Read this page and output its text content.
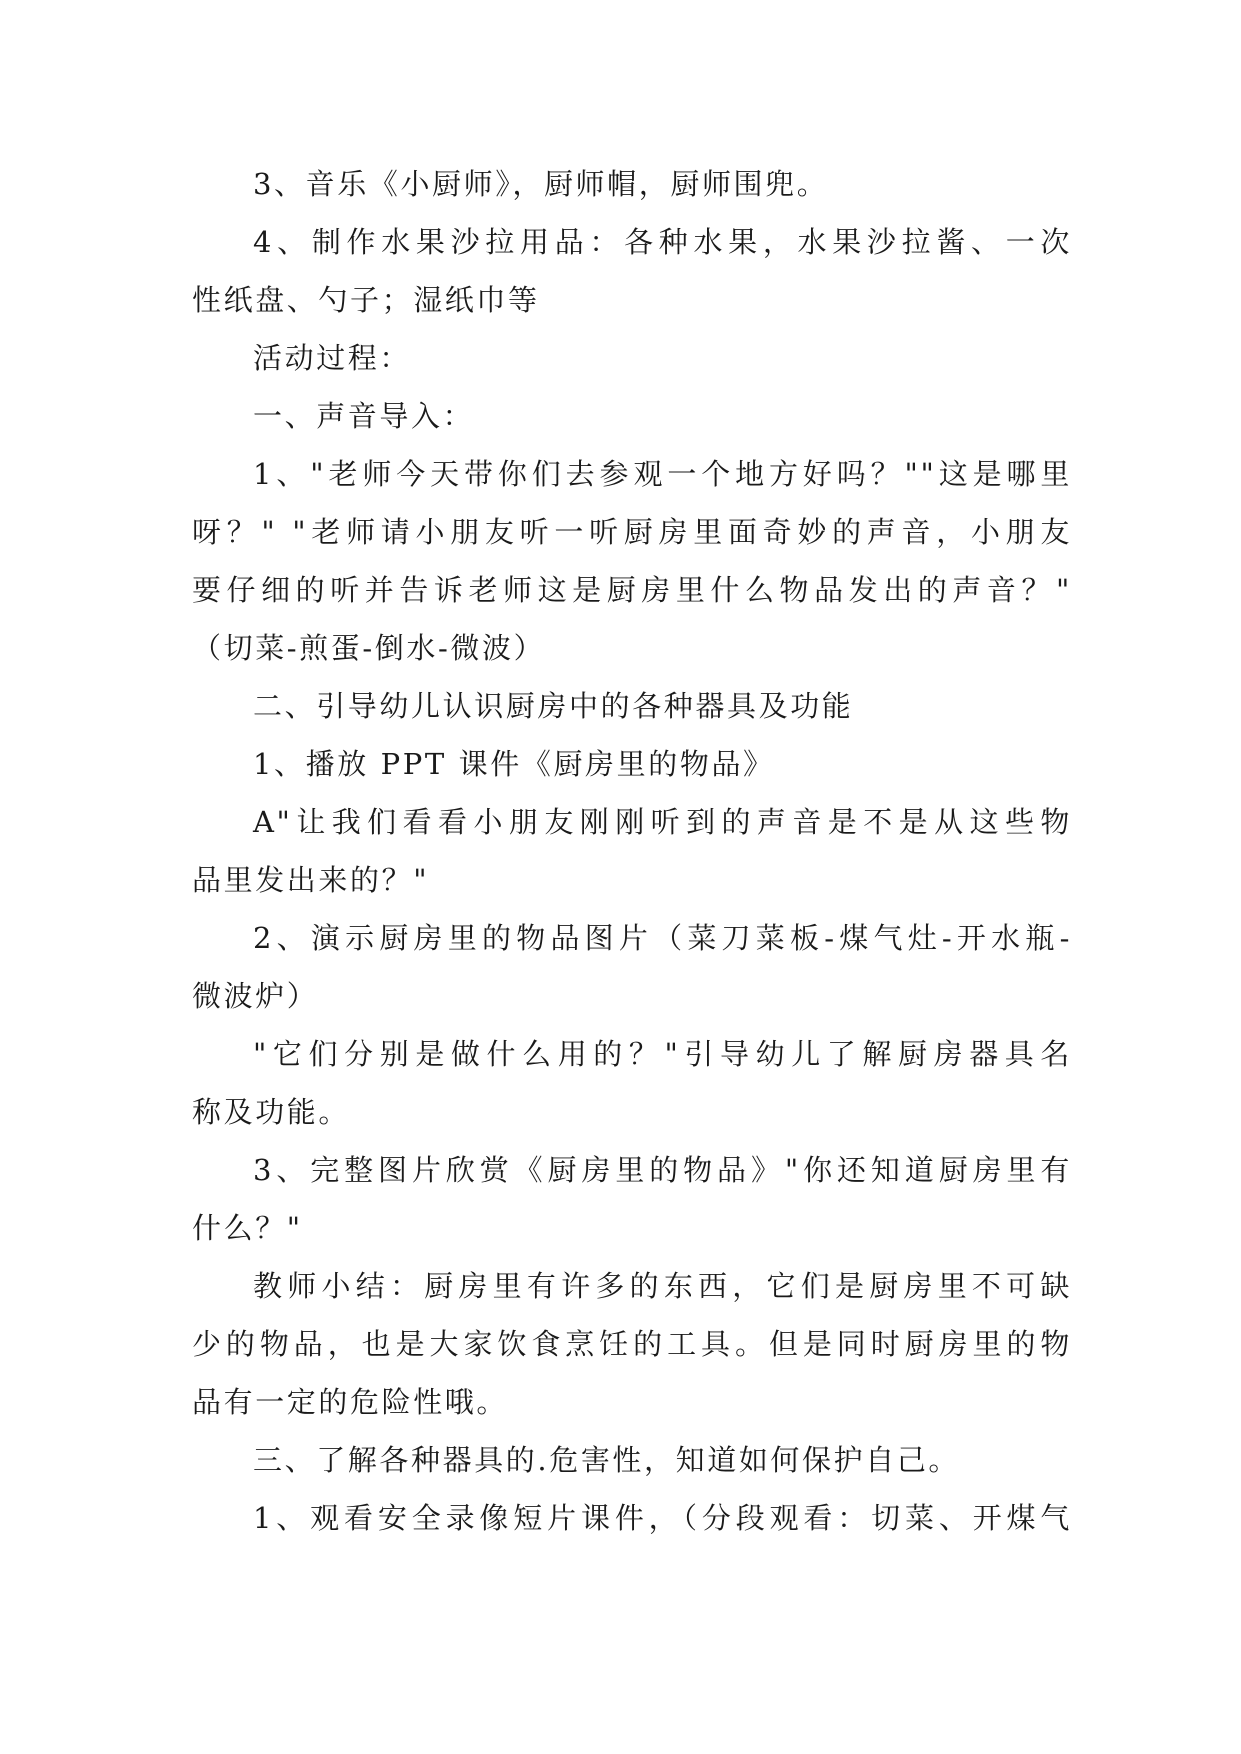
3、音乐《小厨师》，厨师帽，厨师围兜。
4、制作水果沙拉用品：各种水果，水果沙拉酱、一次
性纸盘、勺子；湿纸巾等
活动过程：
一、声音导入：
1、"老师今天带你们去参观一个地方好吗？""这是哪里
呀？" "老师请小朋友听一听厨房里面奇妙的声音，小朋友
要仔细的听并告诉老师这是厨房里什么物品发出的声音？"
（切菜-煎蛋-倒水-微波）
二、引导幼儿认识厨房中的各种器具及功能
1、播放 PPT 课件《厨房里的物品》
A"让我们看看小朋友刚刚听到的声音是不是从这些物
品里发出来的？"
2、演示厨房里的物品图片（菜刀菜板-煤气灶-开水瓶-
微波炉）
"它们分别是做什么用的？"引导幼儿了解厨房器具名
称及功能。
3、完整图片欣赏《厨房里的物品》"你还知道厨房里有
什么？"
教师小结：厨房里有许多的东西，它们是厨房里不可缺
少的物品，也是大家饮食烹饪的工具。但是同时厨房里的物
品有一定的危险性哦。
三、了解各种器具的.危害性，知道如何保护自己。
1、观看安全录像短片课件，（分段观看：切菜、开煤气
